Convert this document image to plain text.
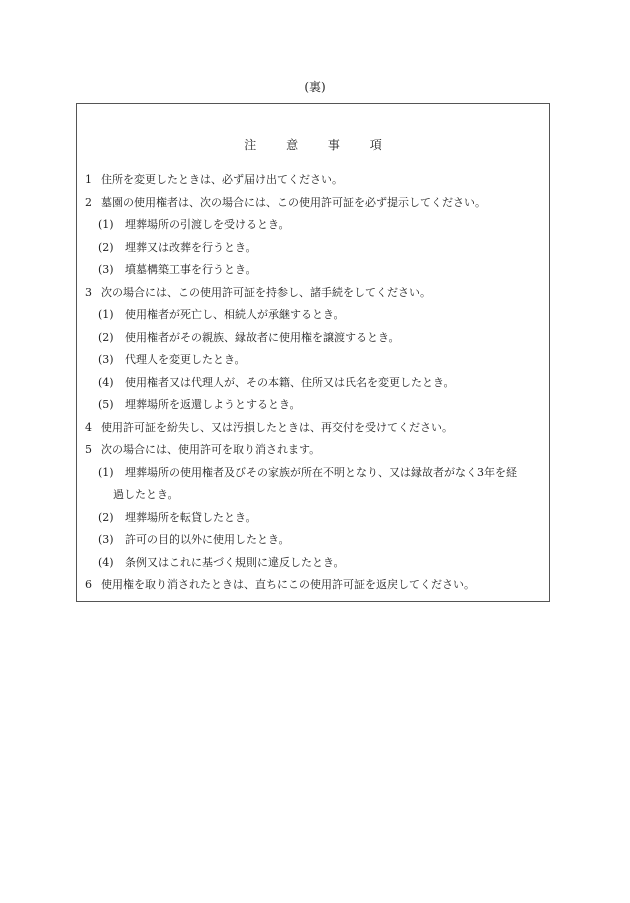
(裏)
注 意 事 項
1 住所を変更したときは、必ず届け出てください。
2 墓園の使用権者は、次の場合には、この使用許可証を必ず提示してください。
(1) 埋葬場所の引渡しを受けるとき。
(2) 埋葬又は改葬を行うとき。
(3) 墳墓構築工事を行うとき。
3 次の場合には、この使用許可証を持参し、諸手続をしてください。
(1) 使用権者が死亡し、相続人が承継するとき。
(2) 使用権者がその親族、縁故者に使用権を譲渡するとき。
(3) 代理人を変更したとき。
(4) 使用権者又は代理人が、その本籍、住所又は氏名を変更したとき。
(5) 埋葬場所を返還しようとするとき。
4 使用許可証を紛失し、又は汚損したときは、再交付を受けてください。
5 次の場合には、使用許可を取り消されます。
(1) 埋葬場所の使用権者及びその家族が所在不明となり、又は縁故者がなく3年を経
過したとき。
(2) 埋葬場所を転貸したとき。
(3) 許可の目的以外に使用したとき。
(4) 条例又はこれに基づく規則に違反したとき。
6 使用権を取り消されたときは、直ちにこの使用許可証を返戻してください。
